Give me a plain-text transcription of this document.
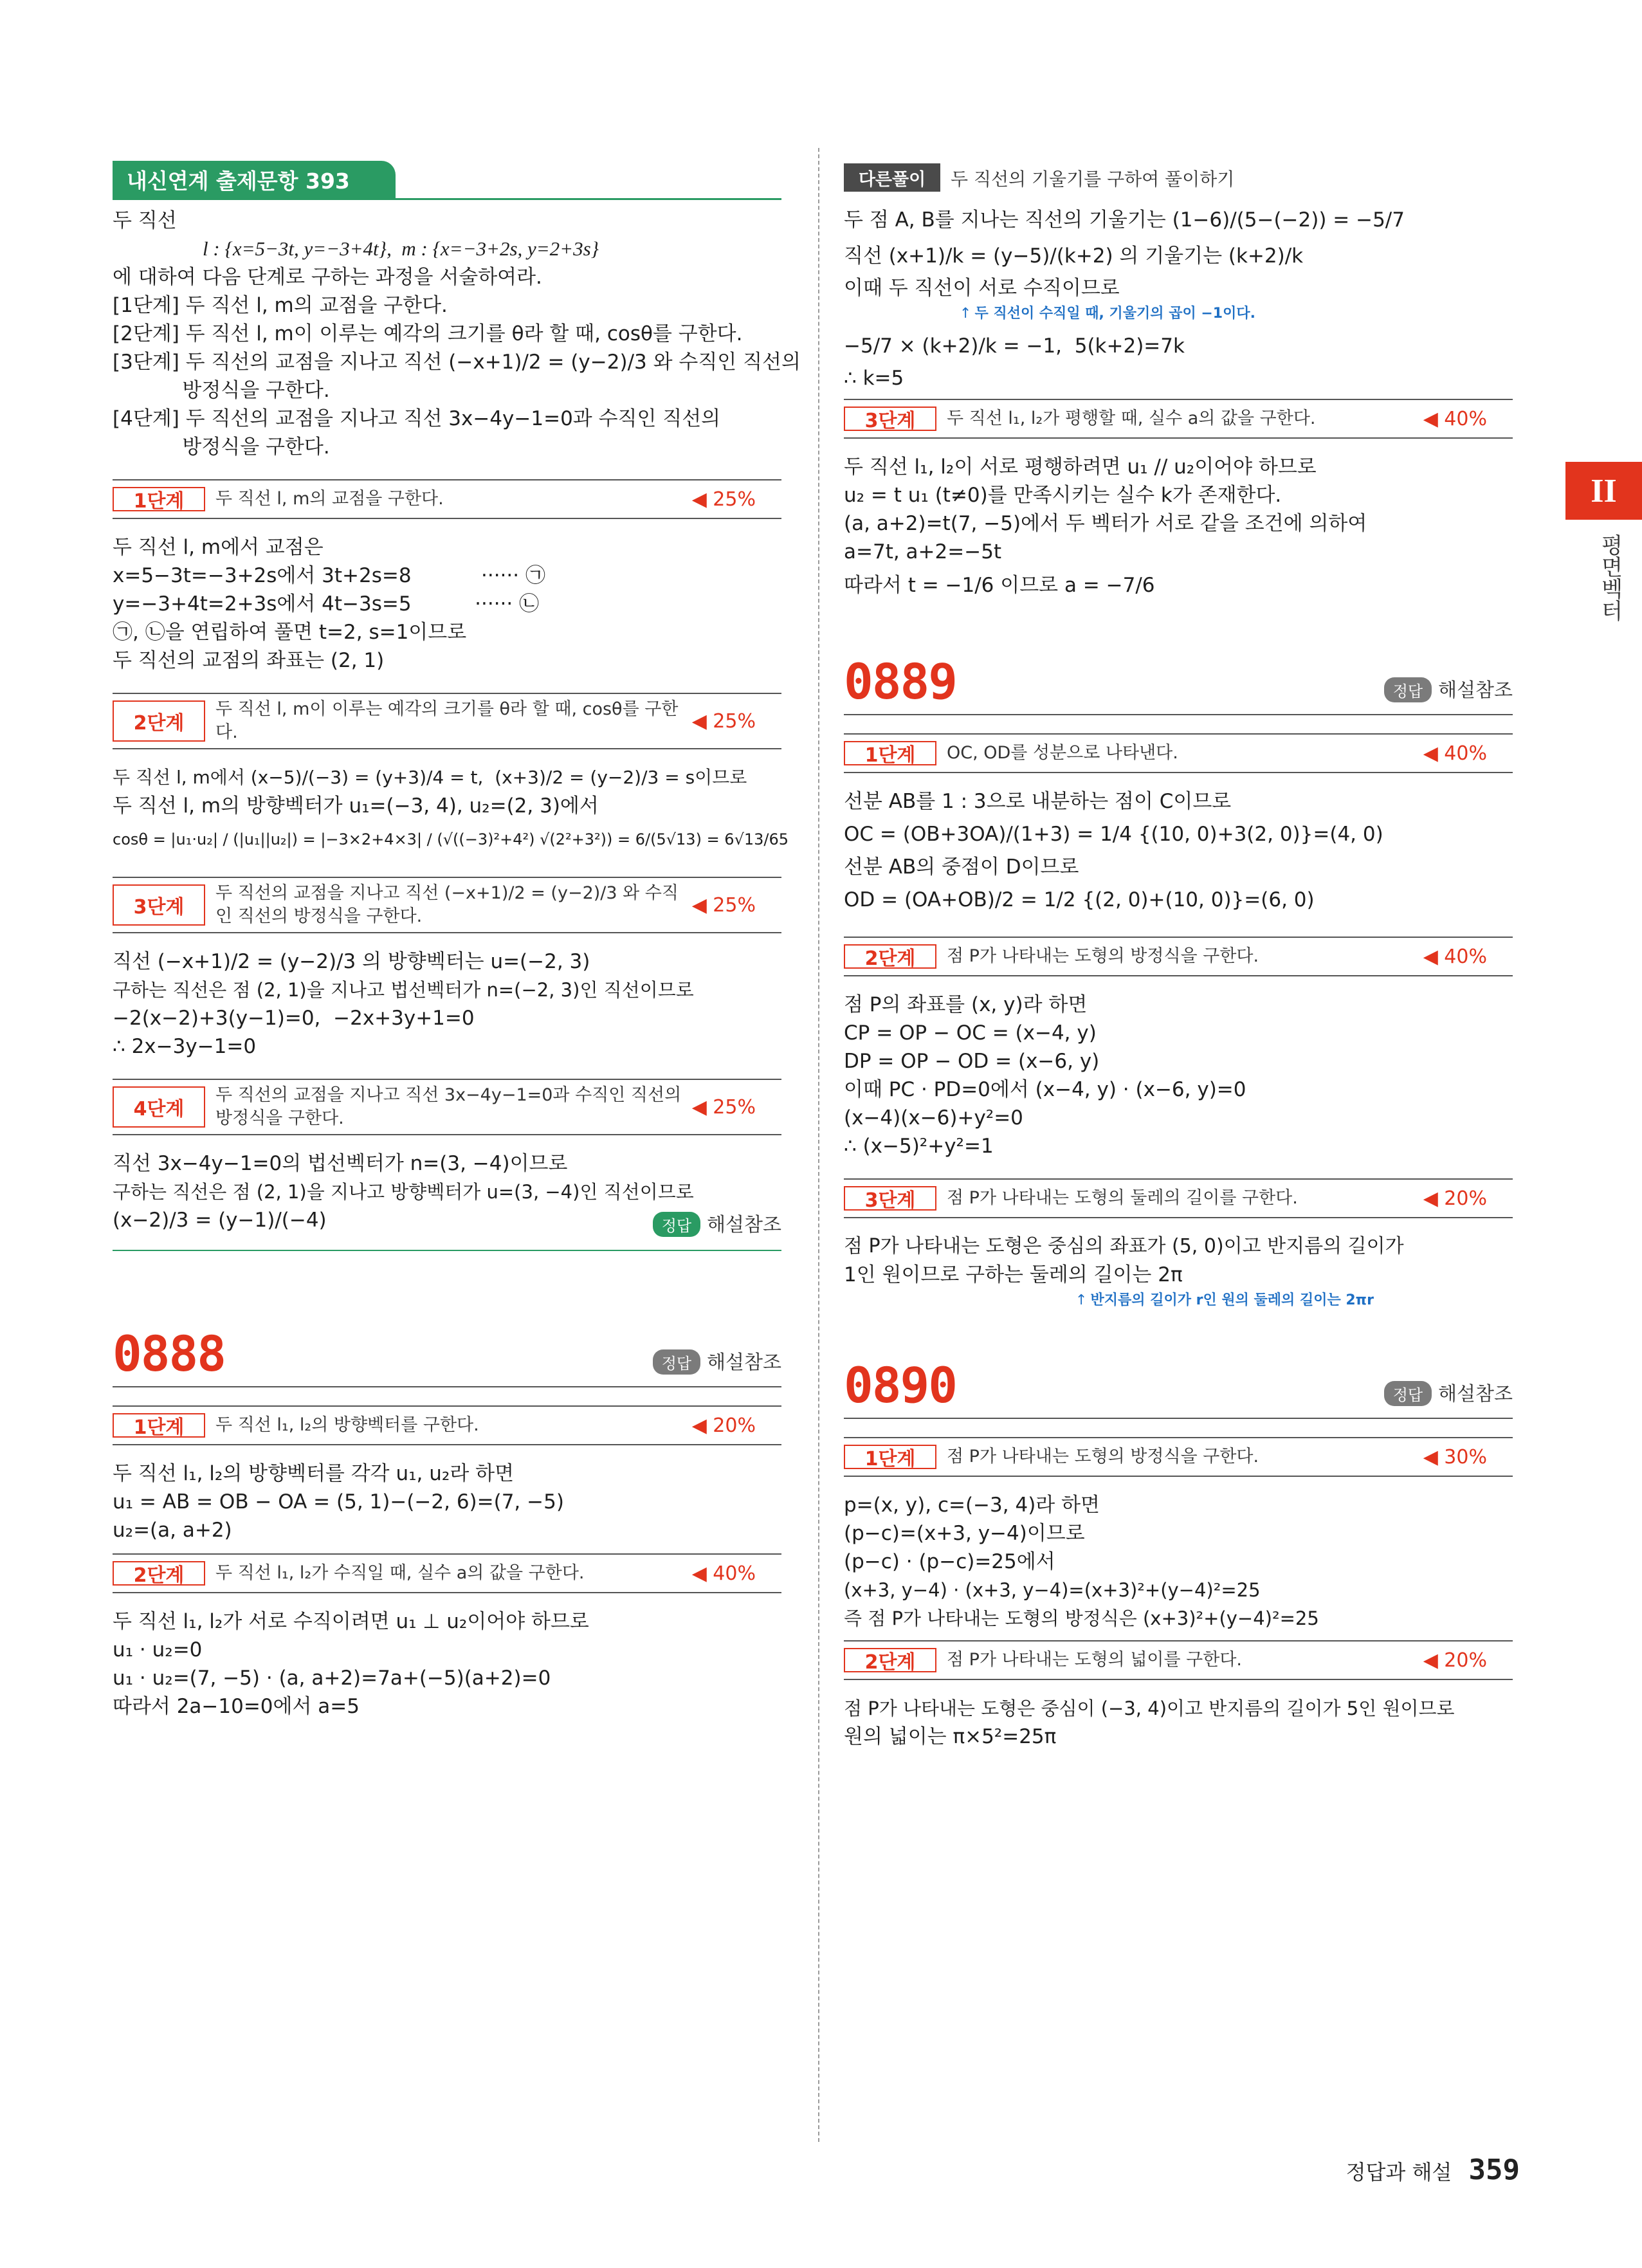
내신연계 출제문항 393

두 직선

l : {x=5−3t, y=−3+4t},  m : {x=−3+2s, y=2+3s}

에 대하여 다음 단계로 구하는 과정을 서술하여라.

[1단계] 두 직선 l, m의 교점을 구한다.

[2단계] 두 직선 l, m이 이루는 예각의 크기를 θ라 할 때, cosθ를 구한다.

[3단계] 두 직선의 교점을 지나고 직선 (−x+1)/2 = (y−2)/3 와 수직인 직선의

방정식을 구한다.

[4단계] 두 직선의 교점을 지나고 직선 3x−4y−1=0과 수직인 직선의

방정식을 구한다.

1단계	두 직선 l, m의 교점을 구한다.	◀ 25%

두 직선 l, m에서 교점은

x=5−3t=−3+2s에서 3t+2s=8           ······ ㉠

y=−3+4t=2+3s에서 4t−3s=5          ······ ㉡

㉠, ㉡을 연립하여 풀면 t=2, s=1이므로

두 직선의 교점의 좌표는 (2, 1)

2단계
두 직선 l, m이 이루는 예각의 크기를 θ라 할 때, cosθ를 구한다.	◀ 25%

두 직선 l, m에서 (x−5)/(−3) = (y+3)/4 = t,  (x+3)/2 = (y−2)/3 = s이므로

두 직선 l, m의 방향벡터가 u₁=(−3, 4), u₂=(2, 3)에서

cosθ = |u₁·u₂| / (|u₁||u₂|) = |−3×2+4×3| / (√((−3)²+4²) √(2²+3²)) = 6/(5√13) = 6√13/65

3단계
두 직선의 교점을 지나고 직선 (−x+1)/2 = (y−2)/3 와 수직인 직선의 방정식을 구한다.	◀ 25%

직선 (−x+1)/2 = (y−2)/3 의 방향벡터는 u=(−2, 3)

구하는 직선은 점 (2, 1)을 지나고 법선벡터가 n=(−2, 3)인 직선이므로

−2(x−2)+3(y−1)=0,  −2x+3y+1=0

∴ 2x−3y−1=0

4단계
두 직선의 교점을 지나고 직선 3x−4y−1=0과 수직인 직선의 방정식을 구한다.	◀ 25%

직선 3x−4y−1=0의 법선벡터가 n=(3, −4)이므로

구하는 직선은 점 (2, 1)을 지나고 방향벡터가 u=(3, −4)인 직선이므로

(x−2)/3 = (y−1)/(−4)	정답 해설참조
0888	정답 해설참조
1단계	두 직선 l₁, l₂의 방향벡터를 구한다.	◀ 20%

두 직선 l₁, l₂의 방향벡터를 각각 u₁, u₂라 하면

u₁ = AB = OB − OA = (5, 1)−(−2, 6)=(7, −5)

u₂=(a, a+2)

2단계	두 직선 l₁, l₂가 수직일 때, 실수 a의 값을 구한다.	◀ 40%

두 직선 l₁, l₂가 서로 수직이려면 u₁ ⊥ u₂이어야 하므로

u₁ · u₂=0

u₁ · u₂=(7, −5) · (a, a+2)=7a+(−5)(a+2)=0

따라서 2a−10=0에서 a=5

다른풀이	두 직선의 기울기를 구하여 풀이하기

두 점 A, B를 지나는 직선의 기울기는 (1−6)/(5−(−2)) = −5/7

직선 (x+1)/k = (y−5)/(k+2) 의 기울기는 (k+2)/k

이때 두 직선이 서로 수직이므로

↑ 두 직선이 수직일 때, 기울기의 곱이 −1이다.

−5/7 × (k+2)/k = −1,  5(k+2)=7k

∴ k=5

3단계	두 직선 l₁, l₂가 평행할 때, 실수 a의 값을 구한다.	◀ 40%

두 직선 l₁, l₂이 서로 평행하려면 u₁ // u₂이어야 하므로

u₂ = t u₁ (t≠0)를 만족시키는 실수 k가 존재한다.

(a, a+2)=t(7, −5)에서 두 벡터가 서로 같을 조건에 의하여

a=7t, a+2=−5t

따라서 t = −1/6 이므로 a = −7/6

0889	정답 해설참조
1단계	OC, OD를 성분으로 나타낸다.	◀ 40%

선분 AB를 1 : 3으로 내분하는 점이 C이므로

OC = (OB+3OA)/(1+3) = 1/4 {(10, 0)+3(2, 0)}=(4, 0)

선분 AB의 중점이 D이므로

OD = (OA+OB)/2 = 1/2 {(2, 0)+(10, 0)}=(6, 0)

2단계	점 P가 나타내는 도형의 방정식을 구한다.	◀ 40%

점 P의 좌표를 (x, y)라 하면

CP = OP − OC = (x−4, y)

DP = OP − OD = (x−6, y)

이때 PC · PD=0에서 (x−4, y) · (x−6, y)=0

(x−4)(x−6)+y²=0

∴ (x−5)²+y²=1

3단계	점 P가 나타내는 도형의 둘레의 길이를 구한다.	◀ 20%

점 P가 나타내는 도형은 중심의 좌표가 (5, 0)이고 반지름의 길이가

1인 원이므로 구하는 둘레의 길이는 2π

↑ 반지름의 길이가 r인 원의 둘레의 길이는 2πr
0890	정답 해설참조
1단계	점 P가 나타내는 도형의 방정식을 구한다.	◀ 30%

p=(x, y), c=(−3, 4)라 하면

(p−c)=(x+3, y−4)이므로

(p−c) · (p−c)=25에서

(x+3, y−4) · (x+3, y−4)=(x+3)²+(y−4)²=25

즉 점 P가 나타내는 도형의 방정식은 (x+3)²+(y−4)²=25

2단계	점 P가 나타내는 도형의 넓이를 구한다.	◀ 20%

점 P가 나타내는 도형은 중심이 (−3, 4)이고 반지름의 길이가 5인 원이므로

원의 넓이는 π×5²=25π

II
평면벡터
정답과 해설 359
